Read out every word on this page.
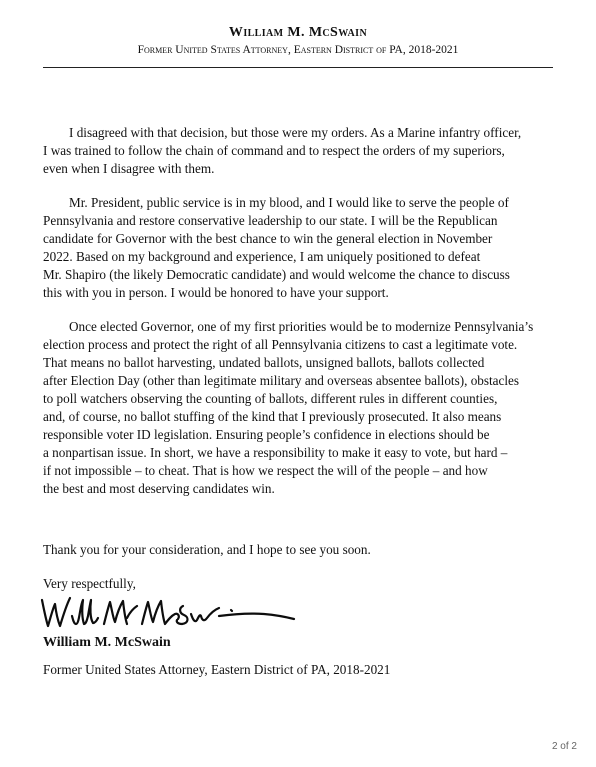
William M. McSwain
Former United States Attorney, Eastern District of PA, 2018-2021

I disagreed with that decision, but those were my orders. As a Marine infantry officer,
I was trained to follow the chain of command and to respect the orders of my superiors,
even when I disagree with them.

Mr. President, public service is in my blood, and I would like to serve the people of
Pennsylvania and restore conservative leadership to our state. I will be the Republican
candidate for Governor with the best chance to win the general election in November
2022. Based on my background and experience, I am uniquely positioned to defeat
Mr. Shapiro (the likely Democratic candidate) and would welcome the chance to discuss
this with you in person. I would be honored to have your support.

Once elected Governor, one of my first priorities would be to modernize Pennsylvania’s
election process and protect the right of all Pennsylvania citizens to cast a legitimate vote.
That means no ballot harvesting, undated ballots, unsigned ballots, ballots collected
after Election Day (other than legitimate military and overseas absentee ballots), obstacles
to poll watchers observing the counting of ballots, different rules in different counties,
and, of course, no ballot stuffing of the kind that I previously prosecuted. It also means
responsible voter ID legislation. Ensuring people’s confidence in elections should be
a nonpartisan issue. In short, we have a responsibility to make it easy to vote, but hard –
if not impossible – to cheat. That is how we respect the will of the people – and how
the best and most deserving candidates win.

Thank you for your consideration, and I hope to see you soon.
Very respectfully,
William M. McSwain
Former United States Attorney, Eastern District of PA, 2018-2021
2 of 2
